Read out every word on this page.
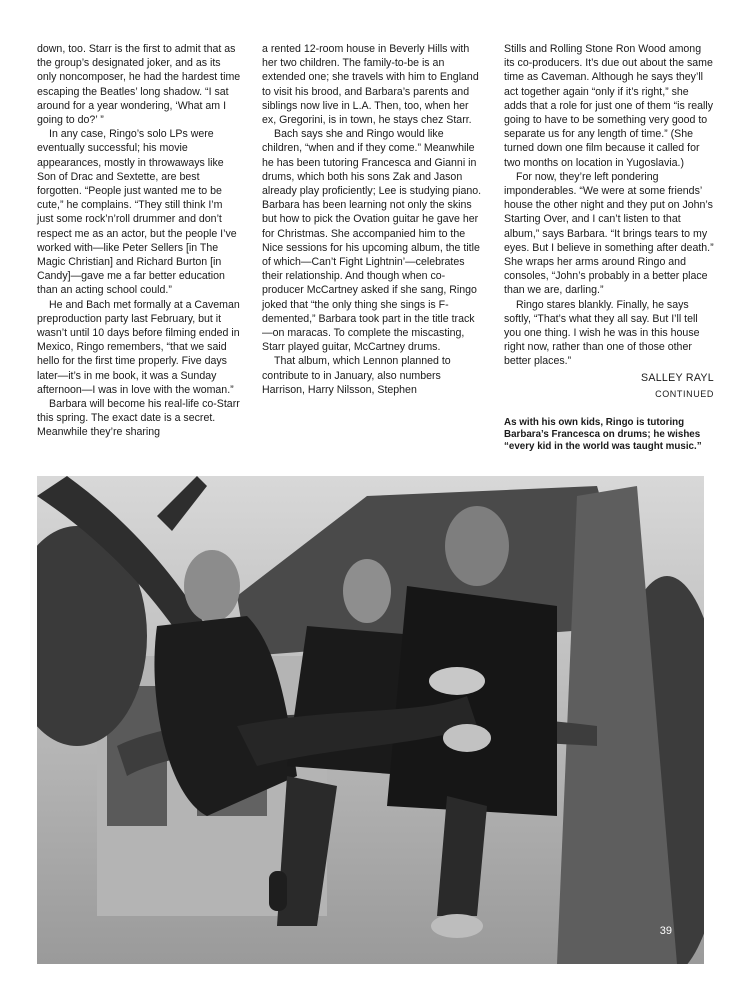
down, too. Starr is the first to admit that as the group’s designated joker, and as its only noncomposer, he had the hardest time escaping the Beatles’ long shadow. “I sat around for a year wondering, ‘What am I going to do?’ ”

In any case, Ringo’s solo LPs were eventually successful; his movie appearances, mostly in throwaways like Son of Drac and Sextette, are best forgotten. “People just wanted me to be cute,” he complains. “They still think I’m just some rock’n’roll drummer and don’t respect me as an actor, but the people I’ve worked with—like Peter Sellers [in The Magic Christian] and Richard Burton [in Candy]—gave me a far better education than an acting school could.”

He and Bach met formally at a Caveman preproduction party last February, but it wasn’t until 10 days before filming ended in Mexico, Ringo remembers, “that we said hello for the first time properly. Five days later—it’s in me book, it was a Sunday afternoon—I was in love with the woman.”

Barbara will become his real-life co-Starr this spring. The exact date is a secret. Meanwhile they’re sharing

a rented 12-room house in Beverly Hills with her two children. The family-to-be is an extended one; she travels with him to England to visit his brood, and Barbara’s parents and siblings now live in L.A. Then, too, when her ex, Gregorini, is in town, he stays chez Starr.

Bach says she and Ringo would like children, “when and if they come.” Meanwhile he has been tutoring Francesca and Gianni in drums, which both his sons Zak and Jason already play proficiently; Lee is studying piano. Barbara has been learning not only the skins but how to pick the Ovation guitar he gave her for Christmas. She accompanied him to the Nice sessions for his upcoming album, the title of which—Can’t Fight Lightnin’—celebrates their relationship. And though when co-producer McCartney asked if she sang, Ringo joked that “the only thing she sings is F-demented,” Barbara took part in the title track—on maracas. To complete the miscasting, Starr played guitar, McCartney drums.

That album, which Lennon planned to contribute to in January, also numbers Harrison, Harry Nilsson, Stephen

Stills and Rolling Stone Ron Wood among its co-producers. It’s due out about the same time as Caveman. Although he says they’ll act together again “only if it’s right,” she adds that a role for just one of them “is really going to have to be something very good to separate us for any length of time.” (She turned down one film because it called for two months on location in Yugoslavia.)

For now, they’re left pondering imponderables. “We were at some friends’ house the other night and they put on John’s Starting Over, and I can’t listen to that album,” says Barbara. “It brings tears to my eyes. But I believe in something after death.” She wraps her arms around Ringo and consoles, “John’s probably in a better place than we are, darling.”

Ringo stares blankly. Finally, he says softly, “That’s what they all say. But I’ll tell you one thing. I wish he was in this house right now, rather than one of those other better places.”

SALLEY RAYL
CONTINUED
As with his own kids, Ringo is tutoring Barbara’s Francesca on drums; he wishes “every kid in the world was taught music.”
39
